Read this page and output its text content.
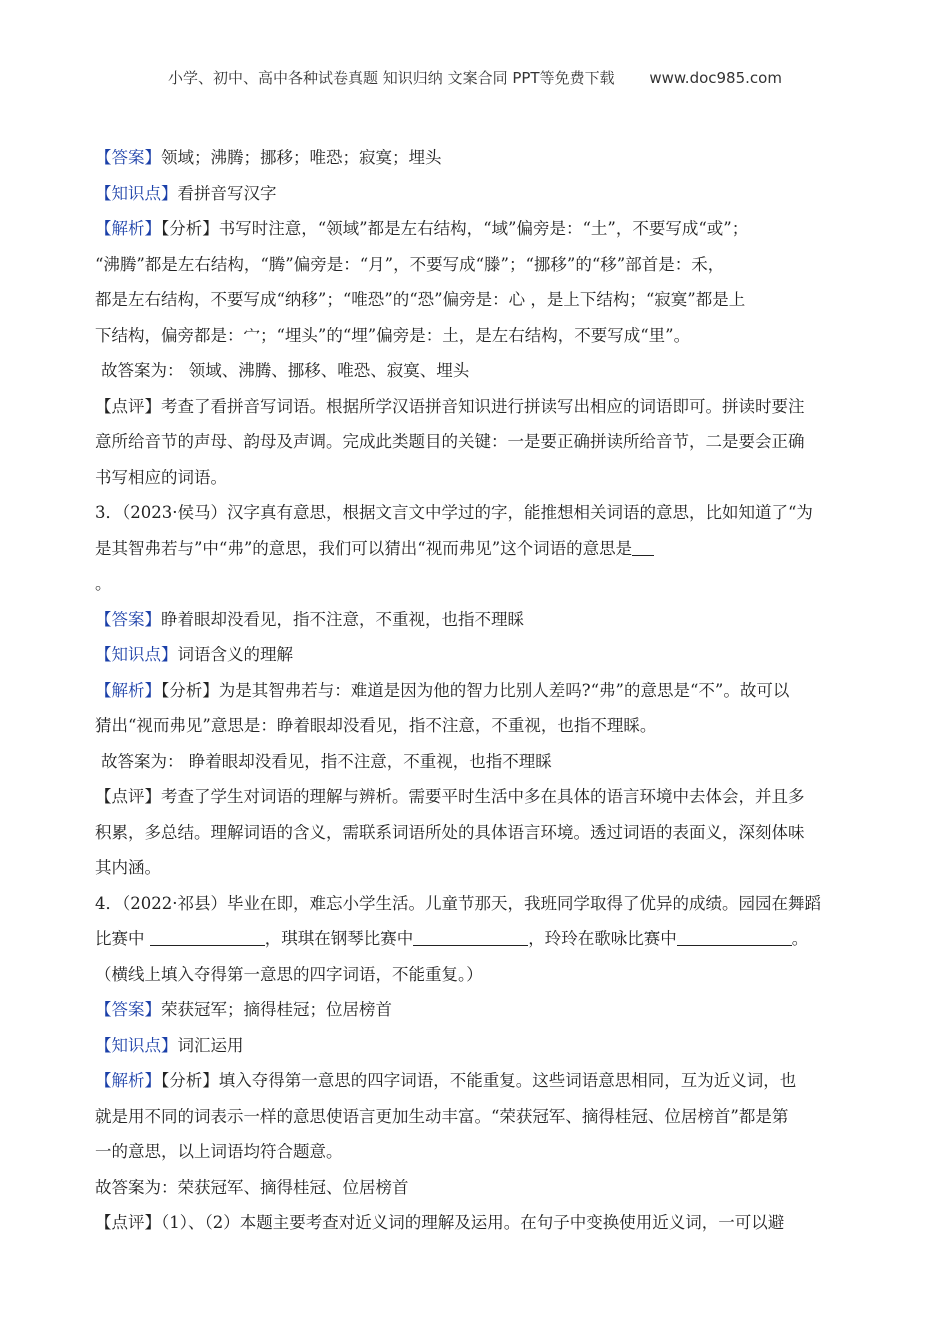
小学、初中、高中各种试卷真题 知识归纳 文案合同 PPT等免费下载 www.doc985.com
【答案】领域；沸腾；挪移；唯恐；寂寞；埋头
【知识点】看拼音写汉字
【解析】【分析】书写时注意，“领域”都是左右结构，“域”偏旁是：“土”，不要写成“或”；
“沸腾”都是左右结构，“腾”偏旁是：“月”，不要写成“滕”；“挪移”的“移”部首是：禾，
都是左右结构，不要写成“纳移”；“唯恐”的“恐”偏旁是：心 ，是上下结构；“寂寞”都是上
下结构，偏旁都是：宀；“埋头”的“埋”偏旁是：土，是左右结构，不要写成“里”。
故答案为： 领域、沸腾、挪移、唯恐、寂寞、埋头
【点评】考查了看拼音写词语。根据所学汉语拼音知识进行拼读写出相应的词语即可。拼读时要注
意所给音节的声母、韵母及声调。完成此类题目的关键：一是要正确拼读所给音节，二是要会正确
书写相应的词语。
3．（2023·侯马）汉字真有意思，根据文言文中学过的字，能推想相关词语的意思，比如知道了“为
是其智弗若与”中“弗”的意思，我们可以猜出“视而弗见”这个词语的意思是
。
【答案】睁着眼却没看见，指不注意，不重视，也指不理睬
【知识点】词语含义的理解
【解析】【分析】为是其智弗若与：难道是因为他的智力比别人差吗?“弗”的意思是“不”。故可以
猜出“视而弗见”意思是：睁着眼却没看见，指不注意，不重视，也指不理睬。
故答案为： 睁着眼却没看见，指不注意，不重视，也指不理睬
【点评】考查了学生对词语的理解与辨析。需要平时生活中多在具体的语言环境中去体会，并且多
积累，多总结。理解词语的含义，需联系词语所处的具体语言环境。透过词语的表面义，深刻体味
其内涵。
4．（2022·祁县）毕业在即，难忘小学生活。儿童节那天，我班同学取得了优异的成绩。园园在舞蹈
比赛中	，琪琪在钢琴比赛中	，玲玲在歌咏比赛中	。
（横线上填入夺得第一意思的四字词语，不能重复。）
【答案】荣获冠军；摘得桂冠；位居榜首
【知识点】词汇运用
【解析】【分析】填入夺得第一意思的四字词语，不能重复。这些词语意思相同，互为近义词，也
就是用不同的词表示一样的意思使语言更加生动丰富。“荣获冠军、摘得桂冠、位居榜首”都是第
一的意思，以上词语均符合题意。
故答案为：荣获冠军、摘得桂冠、位居榜首
【点评】（1）、（2）本题主要考查对近义词的理解及运用。在句子中变换使用近义词，一可以避
